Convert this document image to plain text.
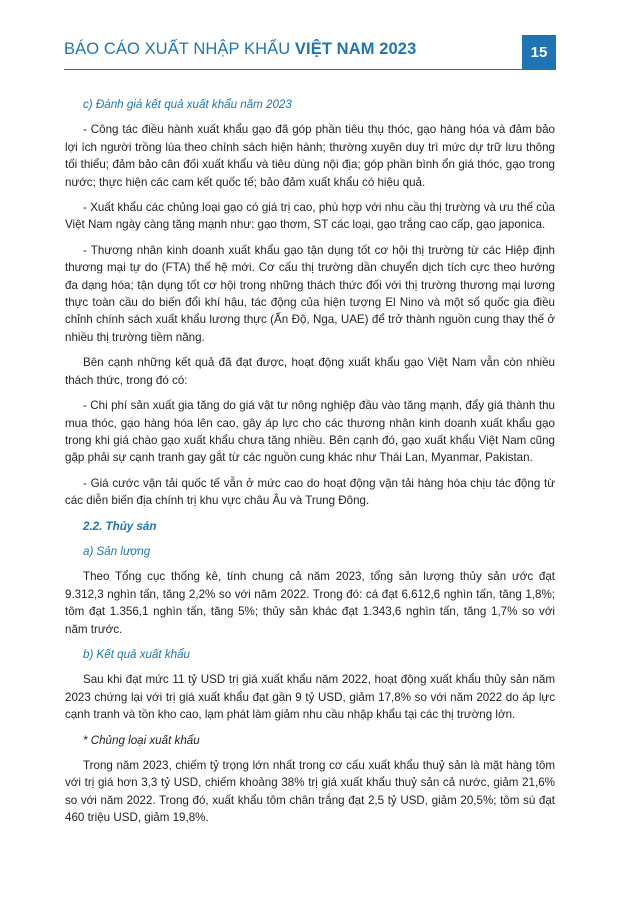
BÁO CÁO XUẤT NHẬP KHẨU VIỆT NAM 2023	15

c) Đánh giá kết quả xuất khẩu năm 2023

- Công tác điều hành xuất khẩu gạo đã góp phần tiêu thụ thóc, gạo hàng hóa và đảm bảo lợi ích người trồng lúa theo chính sách hiện hành; thường xuyên duy trì mức dự trữ lưu thông tối thiểu; đảm bảo cân đối xuất khẩu và tiêu dùng nội địa; góp phần bình ổn giá thóc, gạo trong nước; thực hiện các cam kết quốc tế; bảo đảm xuất khẩu có hiệu quả.

- Xuất khẩu các chủng loại gạo có giá trị cao, phù hợp với nhu cầu thị trường và ưu thế của Việt Nam ngày càng tăng mạnh như: gạo thơm, ST các loại, gạo trắng cao cấp, gạo japonica.

- Thương nhân kinh doanh xuất khẩu gạo tận dụng tốt cơ hội thị trường từ các Hiệp định thương mại tự do (FTA) thế hệ mới. Cơ cấu thị trường dần chuyển dịch tích cực theo hướng đa dạng hóa; tận dụng tốt cơ hội trong những thách thức đối với thị trường thương mại lương thực toàn cầu do biến đổi khí hậu, tác động của hiện tượng El Nino và một số quốc gia điều chỉnh chính sách xuất khẩu lương thực (Ấn Độ, Nga, UAE) để trở thành nguồn cung thay thế ở nhiều thị trường tiềm năng.

Bên cạnh những kết quả đã đạt được, hoạt động xuất khẩu gạo Việt Nam vẫn còn nhiều thách thức, trong đó có:

- Chi phí sản xuất gia tăng do giá vật tư nông nghiệp đầu vào tăng mạnh, đẩy giá thành thu mua thóc, gạo hàng hóa lên cao, gây áp lực cho các thương nhân kinh doanh xuất khẩu gạo trong khi giá chào gạo xuất khẩu chưa tăng nhiều. Bên cạnh đó, gạo xuất khẩu Việt Nam cũng gặp phải sự cạnh tranh gay gắt từ các nguồn cung khác như Thái Lan, Myanmar, Pakistan.

- Giá cước vận tải quốc tế vẫn ở mức cao do hoạt động vận tải hàng hóa chịu tác động từ các diễn biến địa chính trị khu vực châu Âu và Trung Đông.

2.2. Thủy sản

a) Sản lượng

Theo Tổng cục thống kê, tính chung cả năm 2023, tổng sản lượng thủy sản ước đạt 9.312,3 nghìn tấn, tăng 2,2% so với năm 2022. Trong đó: cá đạt 6.612,6 nghìn tấn, tăng 1,8%; tôm đạt 1.356,1 nghìn tấn, tăng 5%; thủy sản khác đạt 1.343,6 nghìn tấn, tăng 1,7% so với năm trước.

b) Kết quả xuất khẩu

Sau khi đạt mức 11 tỷ USD trị giá xuất khẩu năm 2022, hoạt động xuất khẩu thủy sản năm 2023 chứng lại với trị giá xuất khẩu đạt gần 9 tỷ USD, giảm 17,8% so với năm 2022 do áp lực cạnh tranh và tồn kho cao, lạm phát làm giảm nhu cầu nhập khẩu tại các thị trường lớn.

* Chủng loại xuất khẩu

Trong năm 2023, chiếm tỷ trọng lớn nhất trong cơ cấu xuất khẩu thuỷ sản là mặt hàng tôm với trị giá hơn 3,3 tỷ USD, chiếm khoảng 38% trị giá xuất khẩu thuỷ sản cả nước, giảm 21,6% so với năm 2022. Trong đó, xuất khẩu tôm chân trắng đạt 2,5 tỷ USD, giảm 20,5%; tôm sú đạt 460 triệu USD, giảm 19,8%.
